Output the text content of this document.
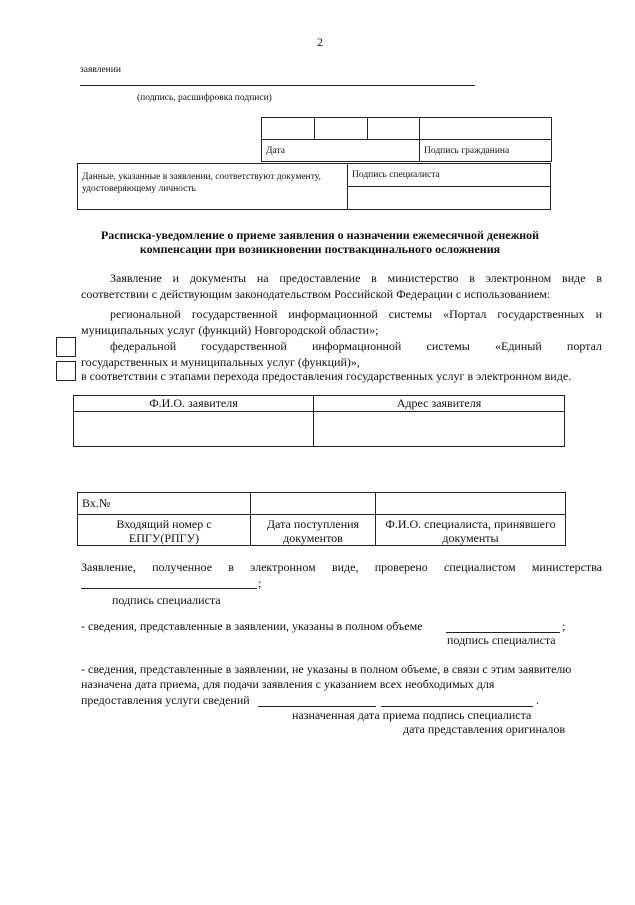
2
заявлении
(подпись, расшифровка подписи)

Дата			Подпись гражданина
Данные, указанные в заявлении, соответствуют документу, удостоверяющему личность	Подпись специалиста

Расписка-уведомление о приеме заявления о назначении ежемесячной денежной
компенсации при возникновении поствакцинального осложнения
Заявление и документы на предоставление в министерство в электронном виде в
соответствии с действующим законодательством Российской Федерации с использованием:
региональной государственной информационной системы «Портал государственных и
муниципальных услуг (функций) Новгородской области»;
федеральной государственной информационной системы «Единый портал
государственных и муниципальных услуг (функций)»,
в соответствии с этапами перехода предоставления государственных услуг в электронном виде.
Ф.И.О. заявителя	Адрес заявителя

Вх.№		
Входящий номер с ЕПГУ(РПГУ)	Дата поступления документов	Ф.И.О. специалиста, принявшего документы
Заявление, полученное в электронном виде, проверено специалистом министерства
;
подпись специалиста
- сведения, представленные в заявлении, указаны в полном объеме	;
подпись специалиста
- сведения, представленные в заявлении, не указаны в полном объеме, в связи с этим заявителю
назначена дата приема, для подачи заявления с указанием всех необходимых для
предоставления услуги сведений	.
назначенная дата приема подпись специалиста
дата представления оригиналов
